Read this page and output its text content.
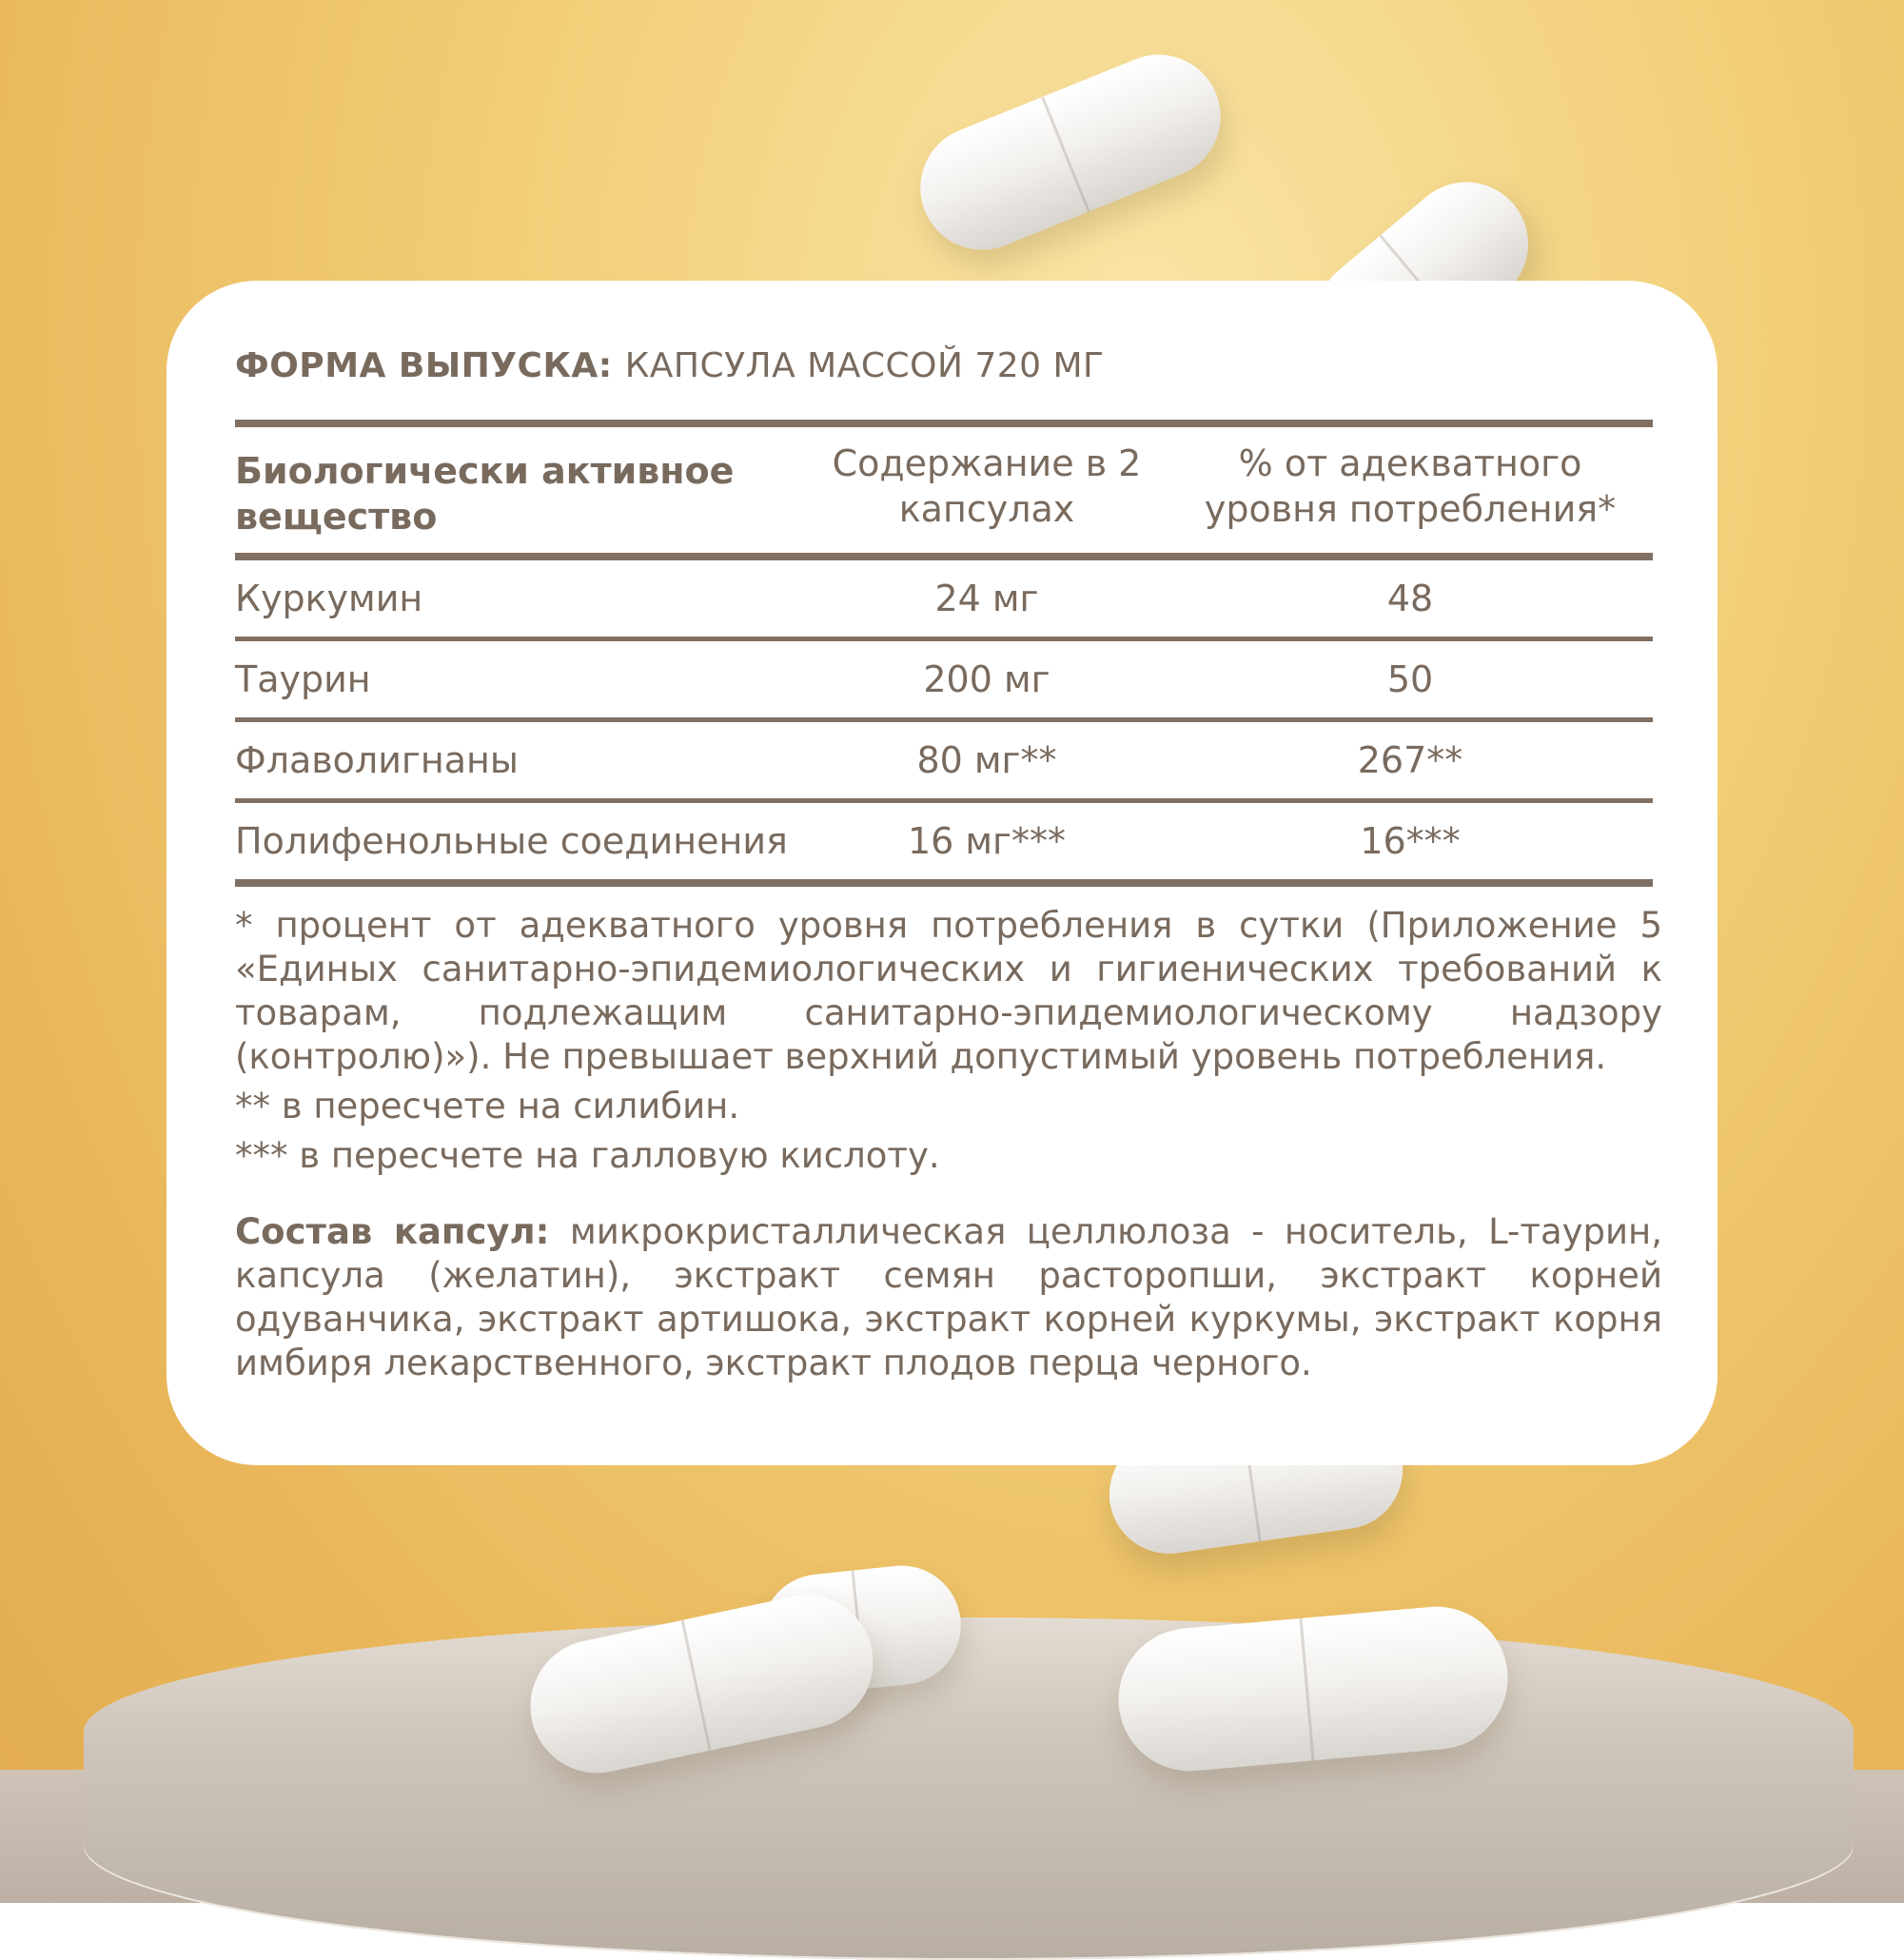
ФОРМА ВЫПУСКА: КАПСУЛА МАССОЙ 720 МГ

Биологически активное вещество	Содержание в 2 капсулах	% от адекватного уровня потребления*
Куркумин	24 мг	48
Таурин	200 мг	50
Флаволигнаны	80 мг**	267**
Полифенольные соединения	16 мг***	16***

* процент от адекватного уровня потребления в сутки (Приложение 5 «Единых санитарно-эпидемиологических и гигиенических требований к товарам, подлежащим санитарно-эпидемиологическому надзору (контролю)»). Не превышает верхний допустимый уровень потребления.

** в пересчете на силибин.

*** в пересчете на галловую кислоту.

Состав капсул: микрокристаллическая целлюлоза - носитель, L-таурин, капсула (желатин), экстракт семян расторопши, экстракт корней одуванчика, экстракт артишока, экстракт корней куркумы, экстракт корня имбиря лекарственного, экстракт плодов перца черного.
